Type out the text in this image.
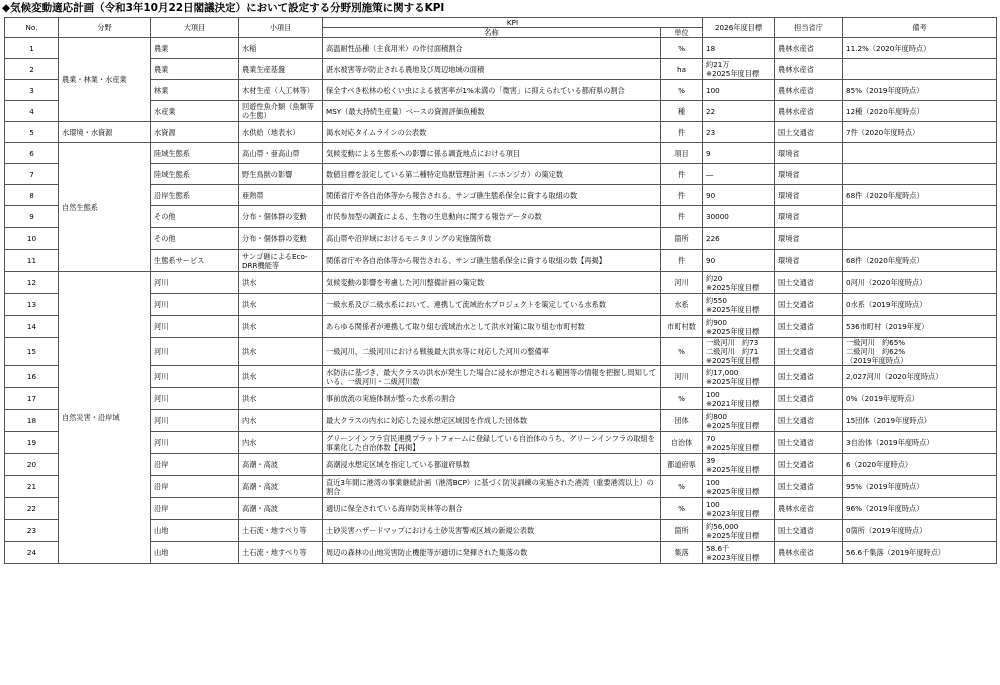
◆気候変動適応計画（令和3年10月22日閣議決定）において設定する分野別施策に関するKPI
No.	分野	大項目	小項目	KPI		2026年度目標	担当省庁	備考
				名称	単位			
1	農業・林業・水産業	農業	水稲	高温耐性品種（主食用米）の作付面積割合	%	18	農林水産省	11.2%（2020年度時点）

2		農業	農業生産基盤	湛水被害等が防止される農地及び周辺地域の面積	ha	約21万
※2025年度目標	農林水産省	

3		林業	木材生産（人工林等）	保全すべき松林の松くい虫による被害率が1%未満の「微害」に抑えられている都府県の割合	%	100	農林水産省	85%（2019年度時点）

4		水産業	回遊性魚介類（魚類等の生態）	MSY（最大持続生産量）ベースの資源評価魚種数	種	22	農林水産省	12種（2020年度時点）

5	水環境・水資源	水資源	水供給（地表水）	渇水対応タイムラインの公表数	件	23	国土交通省	7件（2020年度時点）

6	自然生態系	陸域生態系	高山帯・亜高山帯	気候変動による生態系への影響に係る調査地点における項目	項目	9	環境省	

7		陸域生態系	野生鳥獣の影響	数値目標を設定している第二種特定鳥獣管理計画（ニホンジカ）の策定数	件	―	環境省	

8		沿岸生態系	亜熱帯	関係省庁や各自治体等から報告される、サンゴ礁生態系保全に資する取組の数	件	90	環境省	68件（2020年度時点）

9		その他	分布・個体群の変動	市民参加型の調査による、生物の生息動向に関する報告データの数	件	30000	環境省	

10		その他	分布・個体群の変動	高山帯や沿岸域におけるモニタリングの実施箇所数	箇所	226	環境省	

11		生態系サービス	サンゴ礁によるEco-DRR機能等	関係省庁や各自治体等から報告される、サンゴ礁生態系保全に資する取組の数【再掲】	件	90	環境省	68件（2020年度時点）

12	自然災害・沿岸域	河川	洪水	気候変動の影響を考慮した河川整備計画の策定数	河川	約20
※2025年度目標	国土交通省	0河川（2020年度時点）

13		河川	洪水	一級水系及び二級水系において、連携して流域治水プロジェクトを策定している水系数	水系	約550
※2025年度目標	国土交通省	0水系（2019年度時点）

14		河川	洪水	あらゆる関係者が連携して取り組む流域治水として洪水対策に取り組む市町村数	市町村数	約900
※2025年度目標	国土交通省	536市町村（2019年度）

15		河川	洪水	一級河川、二級河川における戦後最大洪水等に対応した河川の整備率	%	一級河川　約73
二級河川　約71
※2025年度目標	国土交通省	一級河川　約65%
二級河川　約62%
（2019年度時点）

16		河川	洪水	水防法に基づき、最大クラスの洪水が発生した場合に浸水が想定される範囲等の情報を把握し周知している、一級河川・二級河川数	河川	約17,000
※2025年度目標	国土交通省	2,027河川（2020年度時点）

17		河川	洪水	事前放流の実施体制が整った水系の割合	%	100
※2021年度目標	国土交通省	0%（2019年度時点）

18		河川	内水	最大クラスの内水に対応した浸水想定区域図を作成した団体数	団体	約800
※2025年度目標	国土交通省	15団体（2019年度時点）

19		河川	内水	グリーンインフラ官民連携プラットフォームに登録している自治体のうち、グリーンインフラの取組を事業化した自治体数【再掲】	自治体	70
※2025年度目標	国土交通省	3自治体（2019年度時点）

20		沿岸	高潮・高波	高潮浸水想定区域を指定している都道府県数	都道府県	39
※2025年度目標	国土交通省	6（2020年度時点）

21		沿岸	高潮・高波	直近3年間に港湾の事業継続計画（港湾BCP）に基づく防災訓練の実施された港湾（重要港湾以上）の割合	%	100
※2025年度目標	国土交通省	95%（2019年度時点）

22		沿岸	高潮・高波	適切に保全されている海岸防災林等の割合	%	100
※2023年度目標	農林水産省	96%（2019年度時点）

23		山地	土石流・地すべり等	土砂災害ハザードマップにおける土砂災害警戒区域の新規公表数	箇所	約56,000
※2025年度目標	国土交通省	0箇所（2019年度時点）

24		山地	土石流・地すべり等	周辺の森林の山地災害防止機能等が適切に発揮された集落の数	集落	58.6千
※2023年度目標	農林水産省	56.6千集落（2019年度時点）
